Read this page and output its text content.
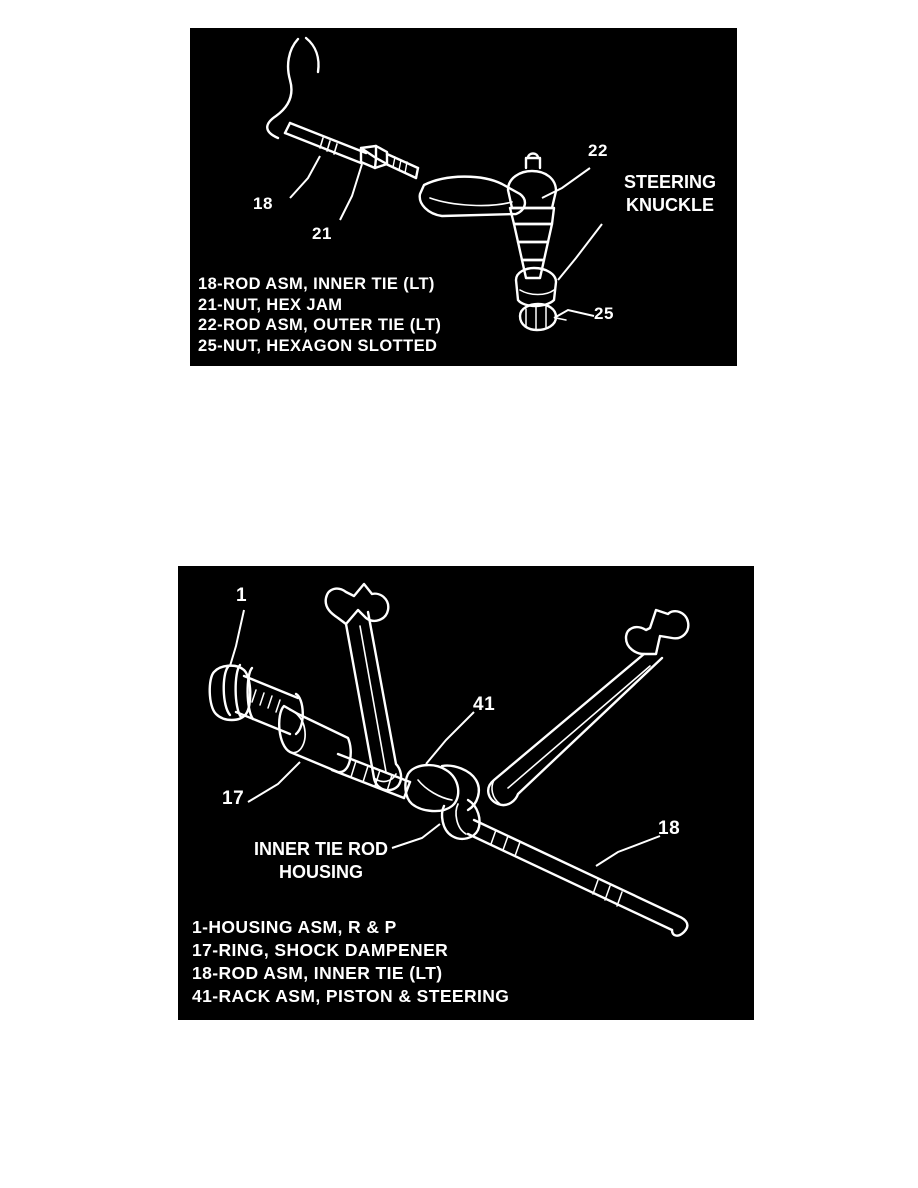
18
21
22
25
STEERING
KNUCKLE
18-ROD ASM, INNER TIE (LT)
21-NUT, HEX JAM
22-ROD ASM, OUTER TIE (LT)
25-NUT, HEXAGON SLOTTED
1
17
41
18
INNER TIE ROD
HOUSING
1-HOUSING ASM, R & P
17-RING, SHOCK DAMPENER
18-ROD ASM, INNER TIE (LT)
41-RACK ASM, PISTON & STEERING
